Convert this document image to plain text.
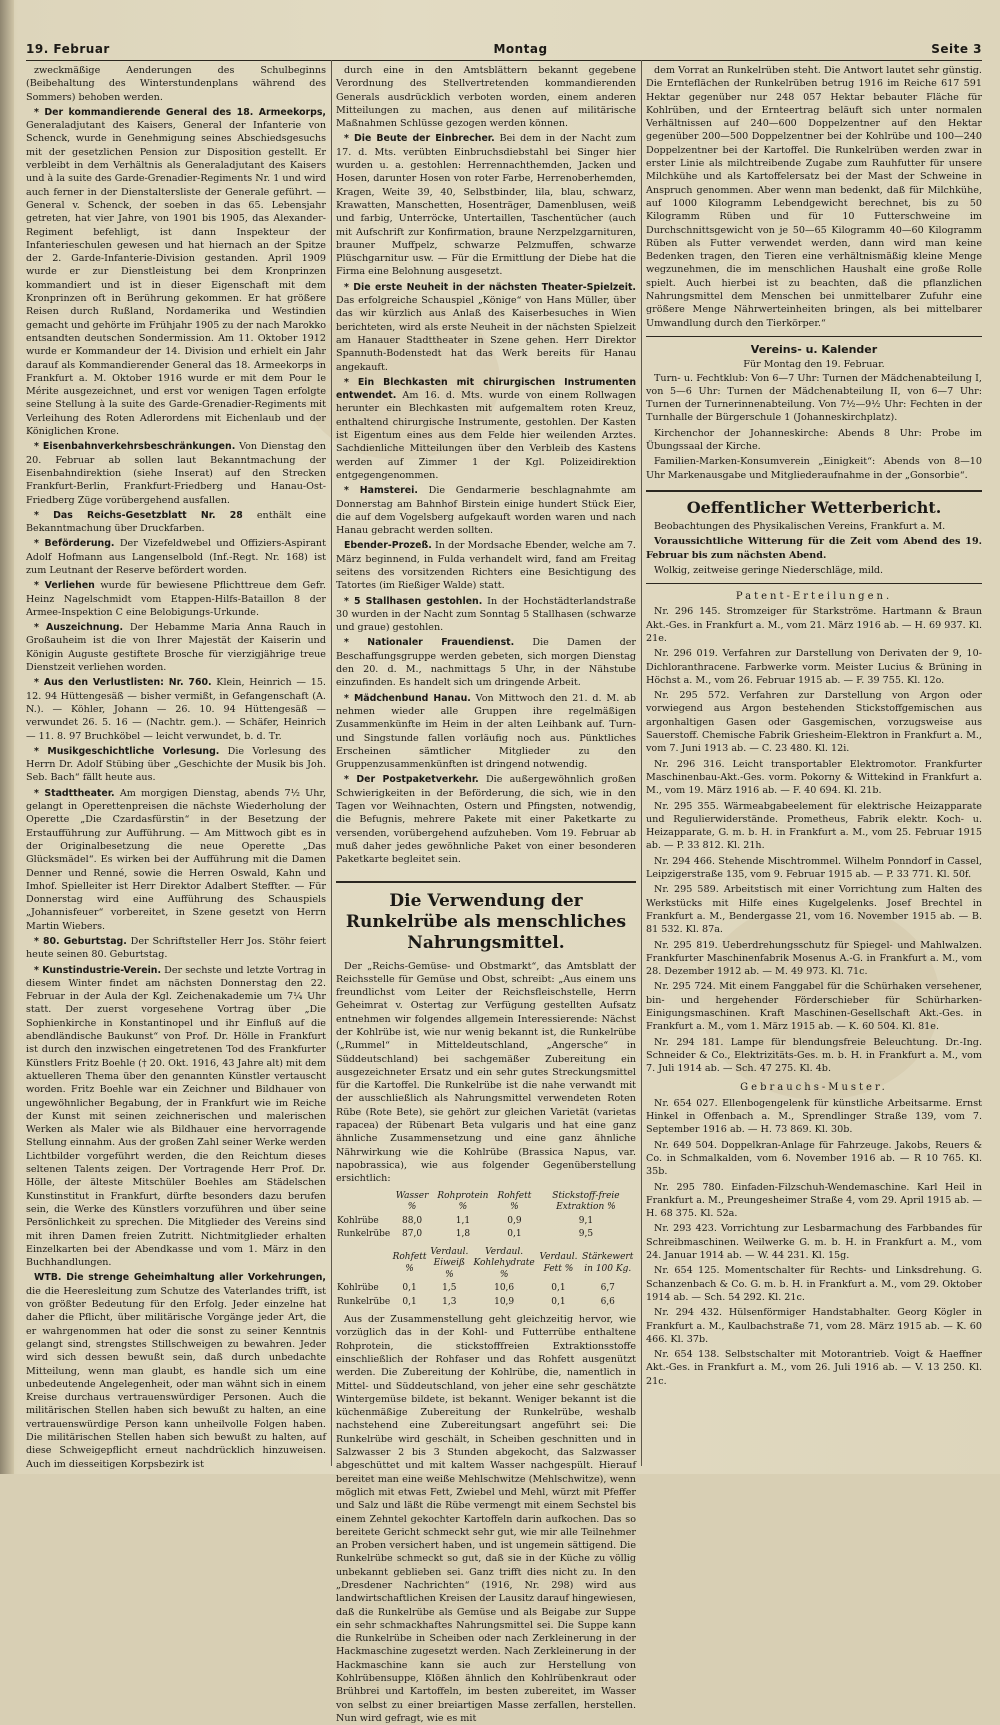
19. Februar	Montag	Seite 3

zweckmäßige Aenderungen des Schulbeginns (Beibehaltung des Winterstundenplans während des Sommers) behoben werden.

* Der kommandierende General des 18. Armeekorps, Generaladjutant des Kaisers, General der Infanterie von Schenck, wurde in Genehmigung seines Abschiedsgesuchs mit der gesetzlichen Pension zur Disposition gestellt. Er verbleibt in dem Verhältnis als Generaladjutant des Kaisers und à la suite des Garde-Grenadier-Regiments Nr. 1 und wird auch ferner in der Dienstaltersliste der Generale geführt. — General v. Schenck, der soeben in das 65. Lebensjahr getreten, hat vier Jahre, von 1901 bis 1905, das Alexander-Regiment befehligt, ist dann Inspekteur der Infanterieschulen gewesen und hat hiernach an der Spitze der 2. Garde-Infanterie-Division gestanden. April 1909 wurde er zur Dienstleistung bei dem Kronprinzen kommandiert und ist in dieser Eigenschaft mit dem Kronprinzen oft in Berührung gekommen. Er hat größere Reisen durch Rußland, Nordamerika und Westindien gemacht und gehörte im Frühjahr 1905 zu der nach Marokko entsandten deutschen Sondermission. Am 11. Oktober 1912 wurde er Kommandeur der 14. Division und erhielt ein Jahr darauf als Kommandierender General das 18. Armeekorps in Frankfurt a. M. Oktober 1916 wurde er mit dem Pour le Mérite ausgezeichnet, und erst vor wenigen Tagen erfolgte seine Stellung à la suite des Garde-Grenadier-Regiments mit Verleihung des Roten Adlerordens mit Eichenlaub und der Königlichen Krone.

* Eisenbahnverkehrsbeschränkungen. Von Dienstag den 20. Februar ab sollen laut Bekanntmachung der Eisenbahndirektion (siehe Inserat) auf den Strecken Frankfurt-Berlin, Frankfurt-Friedberg und Hanau-Ost-Friedberg Züge vorübergehend ausfallen.

* Das Reichs-Gesetzblatt Nr. 28 enthält eine Bekanntmachung über Druckfarben.

* Beförderung. Der Vizefeldwebel und Offiziers-Aspirant Adolf Hofmann aus Langenselbold (Inf.-Regt. Nr. 168) ist zum Leutnant der Reserve befördert worden.

* Verliehen wurde für bewiesene Pflichttreue dem Gefr. Heinz Nagelschmidt vom Etappen-Hilfs-Bataillon 8 der Armee-Inspektion C eine Belobigungs-Urkunde.

* Auszeichnung. Der Hebamme Maria Anna Rauch in Großauheim ist die von Ihrer Majestät der Kaiserin und Königin Auguste gestiftete Brosche für vierzigjährige treue Dienstzeit verliehen worden.

* Aus den Verlustlisten: Nr. 760. Klein, Heinrich — 15. 12. 94 Hüttengesäß — bisher vermißt, in Gefangenschaft (A. N.). — Köhler, Johann — 26. 10. 94 Hüttengesäß — verwundet 26. 5. 16 — (Nachtr. gem.). — Schäfer, Heinrich — 11. 8. 97 Bruchköbel — leicht verwundet, b. d. Tr.

* Musikgeschichtliche Vorlesung. Die Vorlesung des Herrn Dr. Adolf Stübing über „Geschichte der Musik bis Joh. Seb. Bach“ fällt heute aus.

* Stadttheater. Am morgigen Dienstag, abends 7½ Uhr, gelangt in Operettenpreisen die nächste Wiederholung der Operette „Die Czardasfürstin“ in der Besetzung der Erstaufführung zur Aufführung. — Am Mittwoch gibt es in der Originalbesetzung die neue Operette „Das Glücksmädel“. Es wirken bei der Aufführung mit die Damen Denner und Renné, sowie die Herren Oswald, Kahn und Imhof. Spielleiter ist Herr Direktor Adalbert Steffter. — Für Donnerstag wird eine Aufführung des Schauspiels „Johannisfeuer“ vorbereitet, in Szene gesetzt von Herrn Martin Wiebers.

* 80. Geburtstag. Der Schriftsteller Herr Jos. Stöhr feiert heute seinen 80. Geburtstag.

* Kunstindustrie-Verein. Der sechste und letzte Vortrag in diesem Winter findet am nächsten Donnerstag den 22. Februar in der Aula der Kgl. Zeichenakademie um 7¼ Uhr statt. Der zuerst vorgesehene Vortrag über „Die Sophienkirche in Konstantinopel und ihr Einfluß auf die abendländische Baukunst“ von Prof. Dr. Hölle in Frankfurt ist durch den inzwischen eingetretenen Tod des Frankfurter Künstlers Fritz Boehle († 20. Okt. 1916, 43 Jahre alt) mit dem aktuelleren Thema über den genannten Künstler vertauscht worden. Fritz Boehle war ein Zeichner und Bildhauer von ungewöhnlicher Begabung, der in Frankfurt wie im Reiche der Kunst mit seinen zeichnerischen und malerischen Werken als Maler wie als Bildhauer eine hervorragende Stellung einnahm. Aus der großen Zahl seiner Werke werden Lichtbilder vorgeführt werden, die den Reichtum dieses seltenen Talents zeigen. Der Vortragende Herr Prof. Dr. Hölle, der älteste Mitschüler Boehles am Städelschen Kunstinstitut in Frankfurt, dürfte besonders dazu berufen sein, die Werke des Künstlers vorzuführen und über seine Persönlichkeit zu sprechen. Die Mitglieder des Vereins sind mit ihren Damen freien Zutritt. Nichtmitglieder erhalten Einzelkarten bei der Abendkasse und vom 1. März in den Buchhandlungen.

WTB. Die strenge Geheimhaltung aller Vorkehrungen, die die Heeresleitung zum Schutze des Vaterlandes trifft, ist von größter Bedeutung für den Erfolg. Jeder einzelne hat daher die Pflicht, über militärische Vorgänge jeder Art, die er wahrgenommen hat oder die sonst zu seiner Kenntnis gelangt sind, strengstes Stillschweigen zu bewahren. Jeder wird sich dessen bewußt sein, daß durch unbedachte Mitteilung, wenn man glaubt, es handle sich um eine unbedeutende Angelegenheit, oder man wähnt sich in einem Kreise durchaus vertrauenswürdiger Personen. Auch die militärischen Stellen haben sich bewußt zu halten, an eine vertrauenswürdige Person kann unheilvolle Folgen haben. Die militärischen Stellen haben sich bewußt zu halten, auf diese Schweigepflicht erneut nachdrücklich hinzuweisen. Auch im diesseitigen Korpsbezirk ist

durch eine in den Amtsblättern bekannt gegebene Verordnung des Stellvertretenden kommandierenden Generals ausdrücklich verboten worden, einem anderen Mitteilungen zu machen, aus denen auf militärische Maßnahmen Schlüsse gezogen werden können.

* Die Beute der Einbrecher. Bei dem in der Nacht zum 17. d. Mts. verübten Einbruchsdiebstahl bei Singer hier wurden u. a. gestohlen: Herrennachthemden, Jacken und Hosen, darunter Hosen von roter Farbe, Herrenoberhemden, Kragen, Weite 39, 40, Selbstbinder, lila, blau, schwarz, Krawatten, Manschetten, Hosenträger, Damenblusen, weiß und farbig, Unterröcke, Untertaillen, Taschentücher (auch mit Aufschrift zur Konfirmation, braune Nerzpelzgarnituren, brauner Muffpelz, schwarze Pelzmuffen, schwarze Plüschgarnitur usw. — Für die Ermittlung der Diebe hat die Firma eine Belohnung ausgesetzt.

* Die erste Neuheit in der nächsten Theater-Spielzeit. Das erfolgreiche Schauspiel „Könige“ von Hans Müller, über das wir kürzlich aus Anlaß des Kaiserbesuches in Wien berichteten, wird als erste Neuheit in der nächsten Spielzeit am Hanauer Stadttheater in Szene gehen. Herr Direktor Spannuth-Bodenstedt hat das Werk bereits für Hanau angekauft.

* Ein Blechkasten mit chirurgischen Instrumenten entwendet. Am 16. d. Mts. wurde von einem Rollwagen herunter ein Blechkasten mit aufgemaltem roten Kreuz, enthaltend chirurgische Instrumente, gestohlen. Der Kasten ist Eigentum eines aus dem Felde hier weilenden Arztes. Sachdienliche Mitteilungen über den Verbleib des Kastens werden auf Zimmer 1 der Kgl. Polizeidirektion entgegengenommen.

* Hamsterei. Die Gendarmerie beschlagnahmte am Donnerstag am Bahnhof Birstein einige hundert Stück Eier, die auf dem Vogelsberg aufgekauft worden waren und nach Hanau gebracht werden sollten.

Ebender-Prozeß. In der Mordsache Ebender, welche am 7. März beginnend, in Fulda verhandelt wird, fand am Freitag seitens des vorsitzenden Richters eine Besichtigung des Tatortes (im Rießiger Walde) statt.

* 5 Stallhasen gestohlen. In der Hochstädterlandstraße 30 wurden in der Nacht zum Sonntag 5 Stallhasen (schwarze und graue) gestohlen.

* Nationaler Frauendienst. Die Damen der Beschaffungsgruppe werden gebeten, sich morgen Dienstag den 20. d. M., nachmittags 5 Uhr, in der Nähstube einzufinden. Es handelt sich um dringende Arbeit.

* Mädchenbund Hanau. Von Mittwoch den 21. d. M. ab nehmen wieder alle Gruppen ihre regelmäßigen Zusammenkünfte im Heim in der alten Leihbank auf. Turn- und Singstunde fallen vorläufig noch aus. Pünktliches Erscheinen sämtlicher Mitglieder zu den Gruppenzusammenkünften ist dringend notwendig.

* Der Postpaketverkehr. Die außergewöhnlich großen Schwierigkeiten in der Beförderung, die sich, wie in den Tagen vor Weihnachten, Ostern und Pfingsten, notwendig, die Befugnis, mehrere Pakete mit einer Paketkarte zu versenden, vorübergehend aufzuheben. Vom 19. Februar ab muß daher jedes gewöhnliche Paket von einer besonderen Paketkarte begleitet sein.

Die Verwendung der Runkelrübe als menschliches Nahrungsmittel.

Der „Reichs-Gemüse- und Obstmarkt“, das Amtsblatt der Reichsstelle für Gemüse und Obst, schreibt: „Aus einem uns freundlichst vom Leiter der Reichsfleischstelle, Herrn Geheimrat v. Ostertag zur Verfügung gestellten Aufsatz entnehmen wir folgendes allgemein Interessierende: Nächst der Kohlrübe ist, wie nur wenig bekannt ist, die Runkelrübe („Rummel“ in Mitteldeutschland, „Angersche“ in Süddeutschland) bei sachgemäßer Zubereitung ein ausgezeichneter Ersatz und ein sehr gutes Streckungsmittel für die Kartoffel. Die Runkelrübe ist die nahe verwandt mit der ausschließlich als Nahrungsmittel verwendeten Roten Rübe (Rote Bete), sie gehört zur gleichen Varietät (varietas rapacea) der Rübenart Beta vulgaris und hat eine ganz ähnliche Zusammensetzung und eine ganz ähnliche Nährwirkung wie die Kohlrübe (Brassica Napus, var. napobrassica), wie aus folgender Gegenüberstellung ersichtlich:

	Wasser %	Rohprotein %	Rohfett %	Stickstoff-freie Extraktion %
Kohlrübe	88,0	1,1	0,9	9,1
Runkelrübe	87,0	1,8	0,1	9,5
	Rohfett %	Verdaul. Eiweiß %	Verdaul. Kohlehydrate %	Verdaul. Fett %	Stärkewert in 100 Kg.
Kohlrübe	0,1	1,5	10,6	0,1	6,7
Runkelrübe	0,1	1,3	10,9	0,1	6,6

Aus der Zusammenstellung geht gleichzeitig hervor, wie vorzüglich das in der Kohl- und Futterrübe enthaltene Rohprotein, die stickstofffreien Extraktionsstoffe einschließlich der Rohfaser und das Rohfett ausgenützt werden. Die Zubereitung der Kohlrübe, die, namentlich in Mittel- und Süddeutschland, von jeher eine sehr geschätzte Wintergemüse bildete, ist bekannt. Weniger bekannt ist die küchenmäßige Zubereitung der Runkelrübe, weshalb nachstehend eine Zubereitungsart angeführt sei: Die Runkelrübe wird geschält, in Scheiben geschnitten und in Salzwasser 2 bis 3 Stunden abgekocht, das Salzwasser abgeschüttet und mit kaltem Wasser nachgespült. Hierauf bereitet man eine weiße Mehlschwitze (Mehlschwitze), wenn möglich mit etwas Fett, Zwiebel und Mehl, würzt mit Pfeffer und Salz und läßt die Rübe vermengt mit einem Sechstel bis einem Zehntel gekochter Kartoffeln darin aufkochen. Das so bereitete Gericht schmeckt sehr gut, wie mir alle Teilnehmer an Proben versichert haben, und ist ungemein sättigend. Die Runkelrübe schmeckt so gut, daß sie in der Küche zu völlig unbekannt geblieben sei. Ganz trifft dies nicht zu. In den „Dresdener Nachrichten“ (1916, Nr. 298) wird aus landwirtschaftlichen Kreisen der Lausitz darauf hingewiesen, daß die Runkelrübe als Gemüse und als Beigabe zur Suppe ein sehr schmackhaftes Nahrungsmittel sei. Die Suppe kann die Runkelrübe in Scheiben oder nach Zerkleinerung in der Hackmaschine zugesetzt werden. Nach Zerkleinerung in der Hackmaschine kann sie auch zur Herstellung von Kohlrübensuppe, Klößen ähnlich den Kohlrübenkraut oder Brühbrei und Kartoffeln, im besten zubereitet, im Wasser von selbst zu einer breiartigen Masse zerfallen, herstellen. Nun wird gefragt, wie es mit

dem Vorrat an Runkelrüben steht. Die Antwort lautet sehr günstig. Die Ernteflächen der Runkelrüben betrug 1916 im Reiche 617 591 Hektar gegenüber nur 248 057 Hektar bebauter Fläche für Kohlrüben, und der Ernteertrag beläuft sich unter normalen Verhältnissen auf 240—600 Doppelzentner auf den Hektar gegenüber 200—500 Doppelzentner bei der Kohlrübe und 100—240 Doppelzentner bei der Kartoffel. Die Runkelrüben werden zwar in erster Linie als milchtreibende Zugabe zum Rauhfutter für unsere Milchkühe und als Kartoffelersatz bei der Mast der Schweine in Anspruch genommen. Aber wenn man bedenkt, daß für Milchkühe, auf 1000 Kilogramm Lebendgewicht berechnet, bis zu 50 Kilogramm Rüben und für 10 Futterschweine im Durchschnittsgewicht von je 50—65 Kilogramm 40—60 Kilogramm Rüben als Futter verwendet werden, dann wird man keine Bedenken tragen, den Tieren eine verhältnismäßig kleine Menge wegzunehmen, die im menschlichen Haushalt eine große Rolle spielt. Auch hierbei ist zu beachten, daß die pflanzlichen Nahrungsmittel dem Menschen bei unmittelbarer Zufuhr eine größere Menge Nährwerteinheiten bringen, als bei mittelbarer Umwandlung durch den Tierkörper.“

Vereins- u. Kalender
Für Montag den 19. Februar.

Turn- u. Fechtklub: Von 6—7 Uhr: Turnen der Mädchenabteilung I, von 5—6 Uhr: Turnen der Mädchenabteilung II, von 6—7 Uhr: Turnen der Turnerinnenabteilung. Von 7½—9½ Uhr: Fechten in der Turnhalle der Bürgerschule 1 (Johanneskirchplatz).

Kirchenchor der Johanneskirche: Abends 8 Uhr: Probe im Übungssaal der Kirche.

Familien-Marken-Konsumverein „Einigkeit“: Abends von 8—10 Uhr Markenausgabe und Mitgliederaufnahme in der „Gonsorbie“.

Oeffentlicher Wetterbericht.

Beobachtungen des Physikalischen Vereins, Frankfurt a. M.

Voraussichtliche Witterung für die Zeit vom Abend des 19. Februar bis zum nächsten Abend.

Wolkig, zeitweise geringe Niederschläge, mild.

Patent-Erteilungen.

Nr. 296 145. Stromzeiger für Starkströme. Hartmann & Braun Akt.-Ges. in Frankfurt a. M., vom 21. März 1916 ab. — H. 69 937. Kl. 21e.

Nr. 296 019. Verfahren zur Darstellung von Derivaten der 9, 10-Dichloranthracene. Farbwerke vorm. Meister Lucius & Brüning in Höchst a. M., vom 26. Februar 1915 ab. — F. 39 755. Kl. 12o.

Nr. 295 572. Verfahren zur Darstellung von Argon oder vorwiegend aus Argon bestehenden Stickstoffgemischen aus argonhaltigen Gasen oder Gasgemischen, vorzugsweise aus Sauerstoff. Chemische Fabrik Griesheim-Elektron in Frankfurt a. M., vom 7. Juni 1913 ab. — C. 23 480. Kl. 12i.

Nr. 296 316. Leicht transportabler Elektromotor. Frankfurter Maschinenbau-Akt.-Ges. vorm. Pokorny & Wittekind in Frankfurt a. M., vom 19. März 1916 ab. — F. 40 694. Kl. 21b.

Nr. 295 355. Wärmeabgabeelement für elektrische Heizapparate und Regulierwiderstände. Prometheus, Fabrik elektr. Koch- u. Heizapparate, G. m. b. H. in Frankfurt a. M., vom 25. Februar 1915 ab. — P. 33 812. Kl. 21h.

Nr. 294 466. Stehende Mischtrommel. Wilhelm Ponndorf in Cassel, Leipzigerstraße 135, vom 9. Februar 1915 ab. — P. 33 771. Kl. 50f.

Nr. 295 589. Arbeitstisch mit einer Vorrichtung zum Halten des Werkstücks mit Hilfe eines Kugelgelenks. Josef Brechtel in Frankfurt a. M., Bendergasse 21, vom 16. November 1915 ab. — B. 81 532. Kl. 87a.

Nr. 295 819. Ueberdrehungsschutz für Spiegel- und Mahlwalzen. Frankfurter Maschinenfabrik Mosenus A.-G. in Frankfurt a. M., vom 28. Dezember 1912 ab. — M. 49 973. Kl. 71c.

Nr. 295 724. Mit einem Fanggabel für die Schürhaken versehener, bin- und hergehender Förderschieber für Schürharken-Einigungsmaschinen. Kraft Maschinen-Gesellschaft Akt.-Ges. in Frankfurt a. M., vom 1. März 1915 ab. — K. 60 504. Kl. 81e.

Nr. 294 181. Lampe für blendungsfreie Beleuchtung. Dr.-Ing. Schneider & Co., Elektrizitäts-Ges. m. b. H. in Frankfurt a. M., vom 7. Juli 1914 ab. — Sch. 47 275. Kl. 4b.

Gebrauchs-Muster.

Nr. 654 027. Ellenbogengelenk für künstliche Arbeitsarme. Ernst Hinkel in Offenbach a. M., Sprendlinger Straße 139, vom 7. September 1916 ab. — H. 73 869. Kl. 30b.

Nr. 649 504. Doppelkran-Anlage für Fahrzeuge. Jakobs, Reuers & Co. in Schmalkalden, vom 6. November 1916 ab. — R 10 765. Kl. 35b.

Nr. 295 780. Einfaden-Filzschuh-Wendemaschine. Karl Heil in Frankfurt a. M., Preungesheimer Straße 4, vom 29. April 1915 ab. — H. 68 375. Kl. 52a.

Nr. 293 423. Vorrichtung zur Lesbarmachung des Farbbandes für Schreibmaschinen. Weilwerke G. m. b. H. in Frankfurt a. M., vom 24. Januar 1914 ab. — W. 44 231. Kl. 15g.

Nr. 654 125. Momentschalter für Rechts- und Linksdrehung. G. Schanzenbach & Co. G. m. b. H. in Frankfurt a. M., vom 29. Oktober 1914 ab. — Sch. 54 292. Kl. 21c.

Nr. 294 432. Hülsenförmiger Handstabhalter. Georg Kögler in Frankfurt a. M., Kaulbachstraße 71, vom 28. März 1915 ab. — K. 60 466. Kl. 37b.

Nr. 654 138. Selbstschalter mit Motorantrieb. Voigt & Haeffner Akt.-Ges. in Frankfurt a. M., vom 26. Juli 1916 ab. — V. 13 250. Kl. 21c.
